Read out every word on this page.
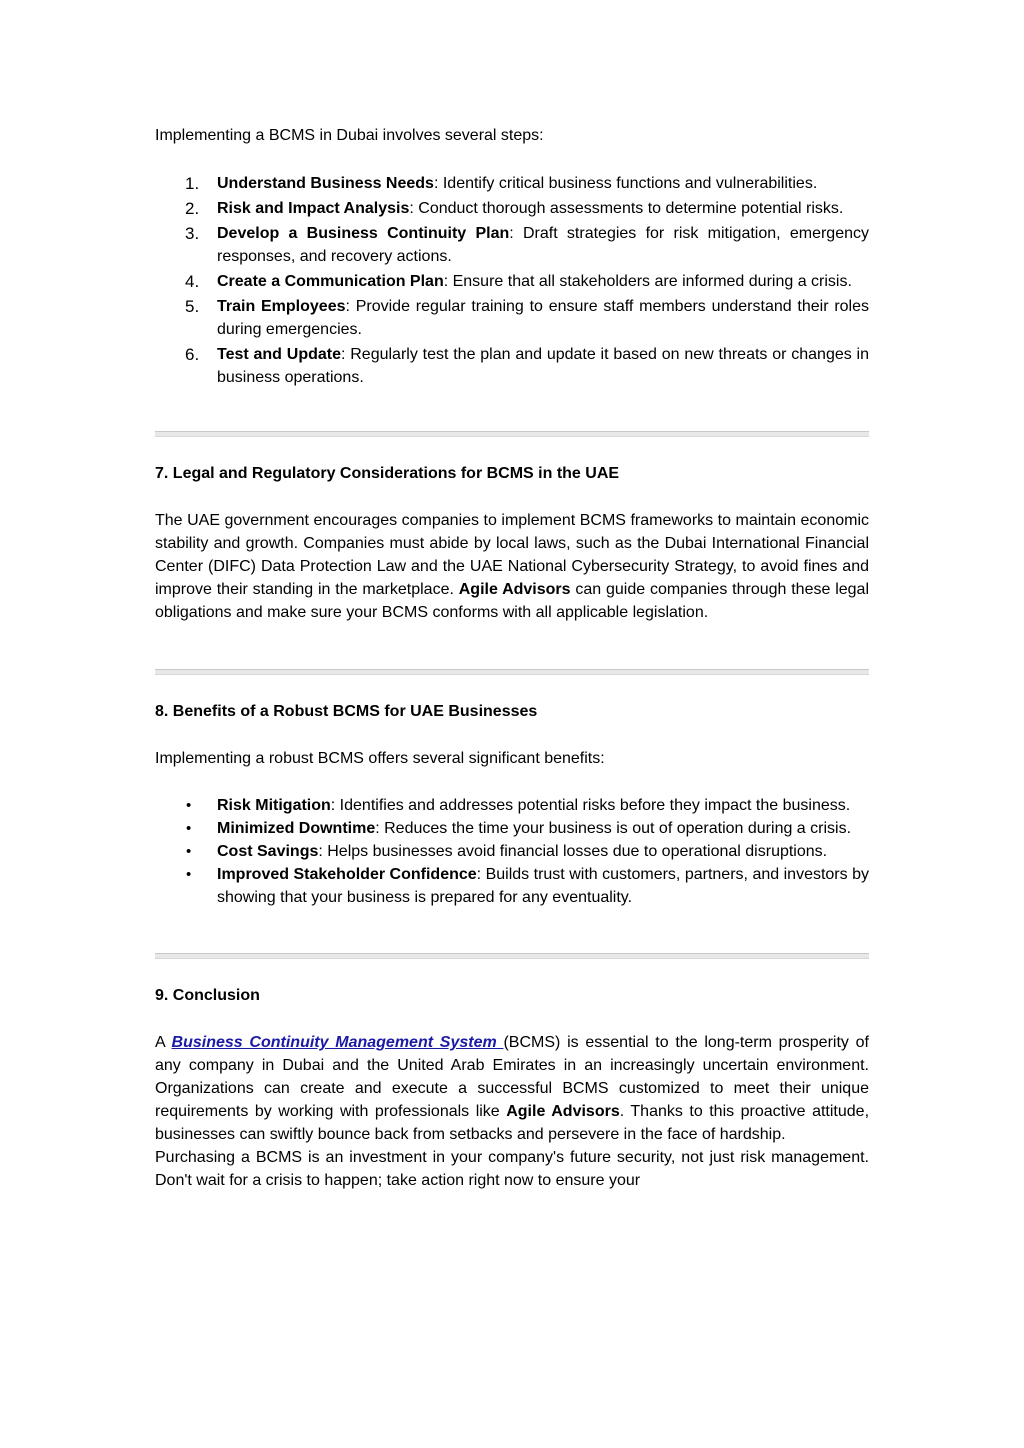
Implementing a BCMS in Dubai involves several steps:

1. Understand Business Needs: Identify critical business functions and vulnerabilities.
2. Risk and Impact Analysis: Conduct thorough assessments to determine potential risks.
3. Develop a Business Continuity Plan: Draft strategies for risk mitigation, emergency responses, and recovery actions.
4. Create a Communication Plan: Ensure that all stakeholders are informed during a crisis.
5. Train Employees: Provide regular training to ensure staff members understand their roles during emergencies.
6. Test and Update: Regularly test the plan and update it based on new threats or changes in business operations.

7. Legal and Regulatory Considerations for BCMS in the UAE

The UAE government encourages companies to implement BCMS frameworks to maintain economic stability and growth. Companies must abide by local laws, such as the Dubai International Financial Center (DIFC) Data Protection Law and the UAE National Cybersecurity Strategy, to avoid fines and improve their standing in the marketplace. Agile Advisors can guide companies through these legal obligations and make sure your BCMS conforms with all applicable legislation.

8. Benefits of a Robust BCMS for UAE Businesses

Implementing a robust BCMS offers several significant benefits:

• Risk Mitigation: Identifies and addresses potential risks before they impact the business.
• Minimized Downtime: Reduces the time your business is out of operation during a crisis.
• Cost Savings: Helps businesses avoid financial losses due to operational disruptions.
• Improved Stakeholder Confidence: Builds trust with customers, partners, and investors by showing that your business is prepared for any eventuality.

9. Conclusion

A Business Continuity Management System (BCMS) is essential to the long-term prosperity of any company in Dubai and the United Arab Emirates in an increasingly uncertain environment. Organizations can create and execute a successful BCMS customized to meet their unique requirements by working with professionals like Agile Advisors. Thanks to this proactive attitude, businesses can swiftly bounce back from setbacks and persevere in the face of hardship.

Purchasing a BCMS is an investment in your company's future security, not just risk management. Don't wait for a crisis to happen; take action right now to ensure your
